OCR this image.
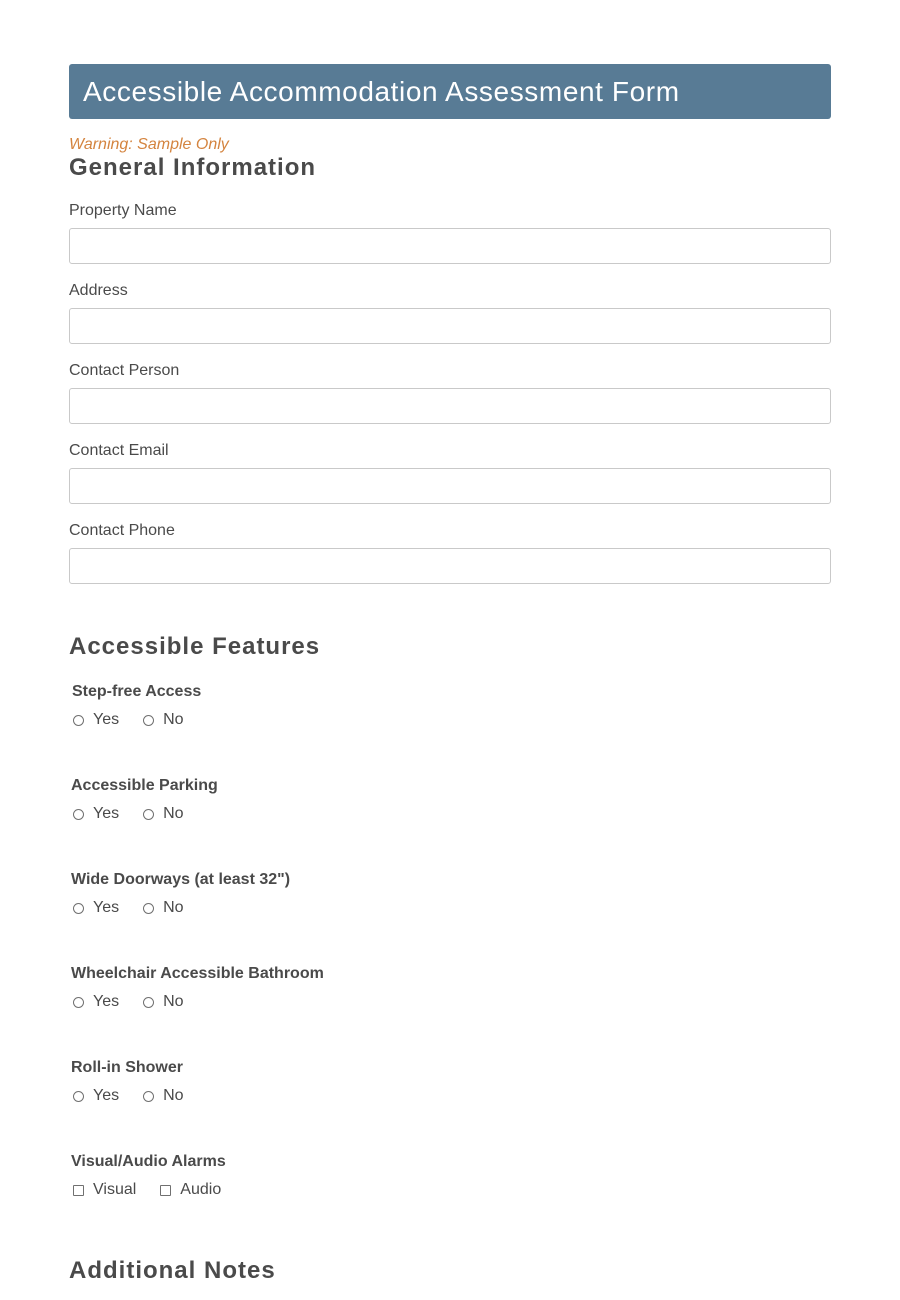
Accessible Accommodation Assessment Form
Warning: Sample Only
General Information
Property Name
Address
Contact Person
Contact Email
Contact Phone
Accessible Features
Step-free Access
Yes	No
Accessible Parking
Yes	No
Wide Doorways (at least 32")
Yes	No
Wheelchair Accessible Bathroom
Yes	No
Roll-in Shower
Yes	No
Visual/Audio Alarms
Visual	Audio
Additional Notes
